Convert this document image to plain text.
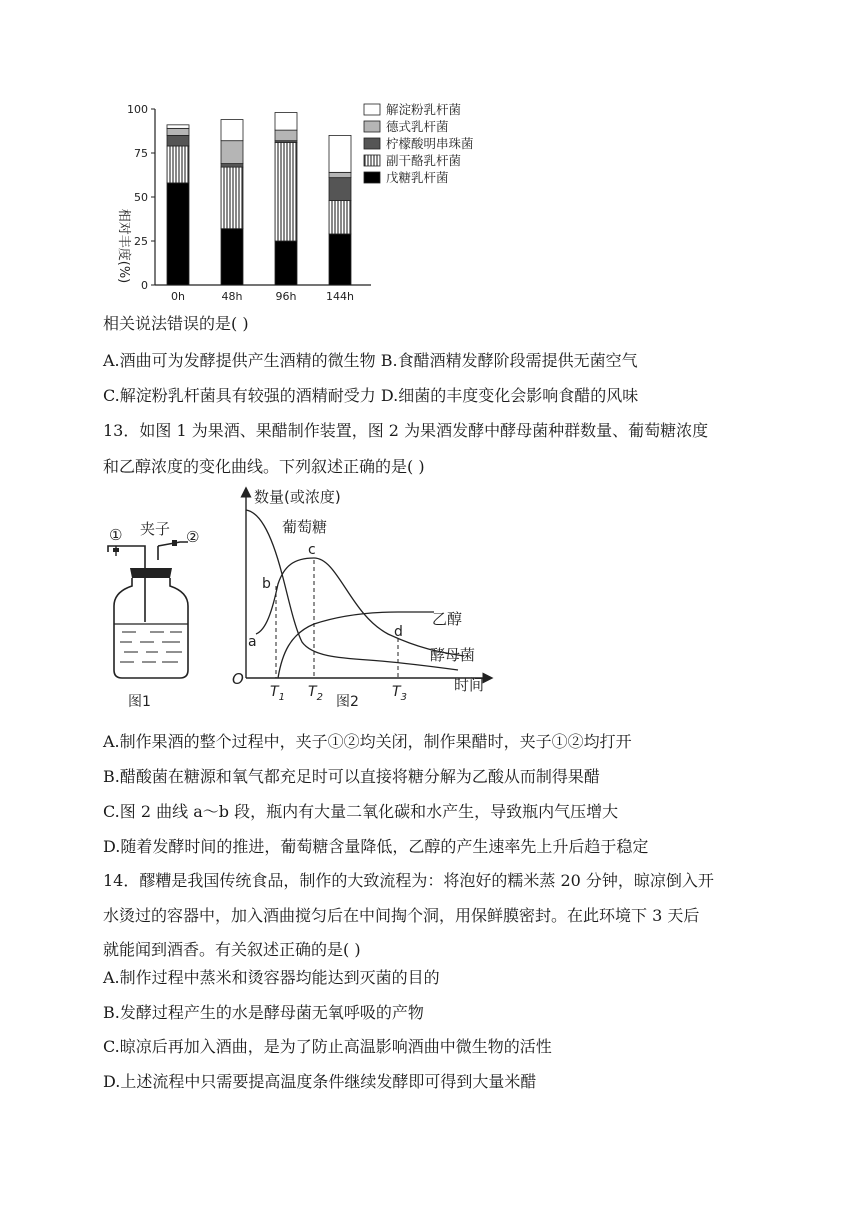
0
25
50
75
100
0h	48h	96h	144h
相对丰度(%)
解淀粉乳杆菌
德式乳杆菌
柠檬酸明串珠菌
副干酪乳杆菌
戊糖乳杆菌
相关说法错误的是( )
A.酒曲可为发酵提供产生酒精的微生物 B.食醋酒精发酵阶段需提供无菌空气
C.解淀粉乳杆菌具有较强的酒精耐受力 D.细菌的丰度变化会影响食醋的风味
13．如图 1 为果酒、果醋制作装置，图 2 为果酒发酵中酵母菌种群数量、葡萄糖浓度
和乙醇浓度的变化曲线。下列叙述正确的是( )
① 夹子 ②
图1
数量(或浓度)
O	时间
葡萄糖
乙醇
酵母菌
a
b
c
d
$T_1$ $T_2$	$T_3$
图2
A.制作果酒的整个过程中，夹子①②均关闭，制作果醋时，夹子①②均打开
B.醋酸菌在糖源和氧气都充足时可以直接将糖分解为乙酸从而制得果醋
C.图 2 曲线 a～b 段，瓶内有大量二氧化碳和水产生，导致瓶内气压增大
D.随着发酵时间的推进，葡萄糖含量降低，乙醇的产生速率先上升后趋于稳定
14．醪糟是我国传统食品，制作的大致流程为：将泡好的糯米蒸 20 分钟，晾凉倒入开
水烫过的容器中，加入酒曲搅匀后在中间掏个洞，用保鲜膜密封。在此环境下 3 天后
就能闻到酒香。有关叙述正确的是( )
A.制作过程中蒸米和烫容器均能达到灭菌的目的
B.发酵过程产生的水是酵母菌无氧呼吸的产物
C.晾凉后再加入酒曲，是为了防止高温影响酒曲中微生物的活性
D.上述流程中只需要提高温度条件继续发酵即可得到大量米醋
